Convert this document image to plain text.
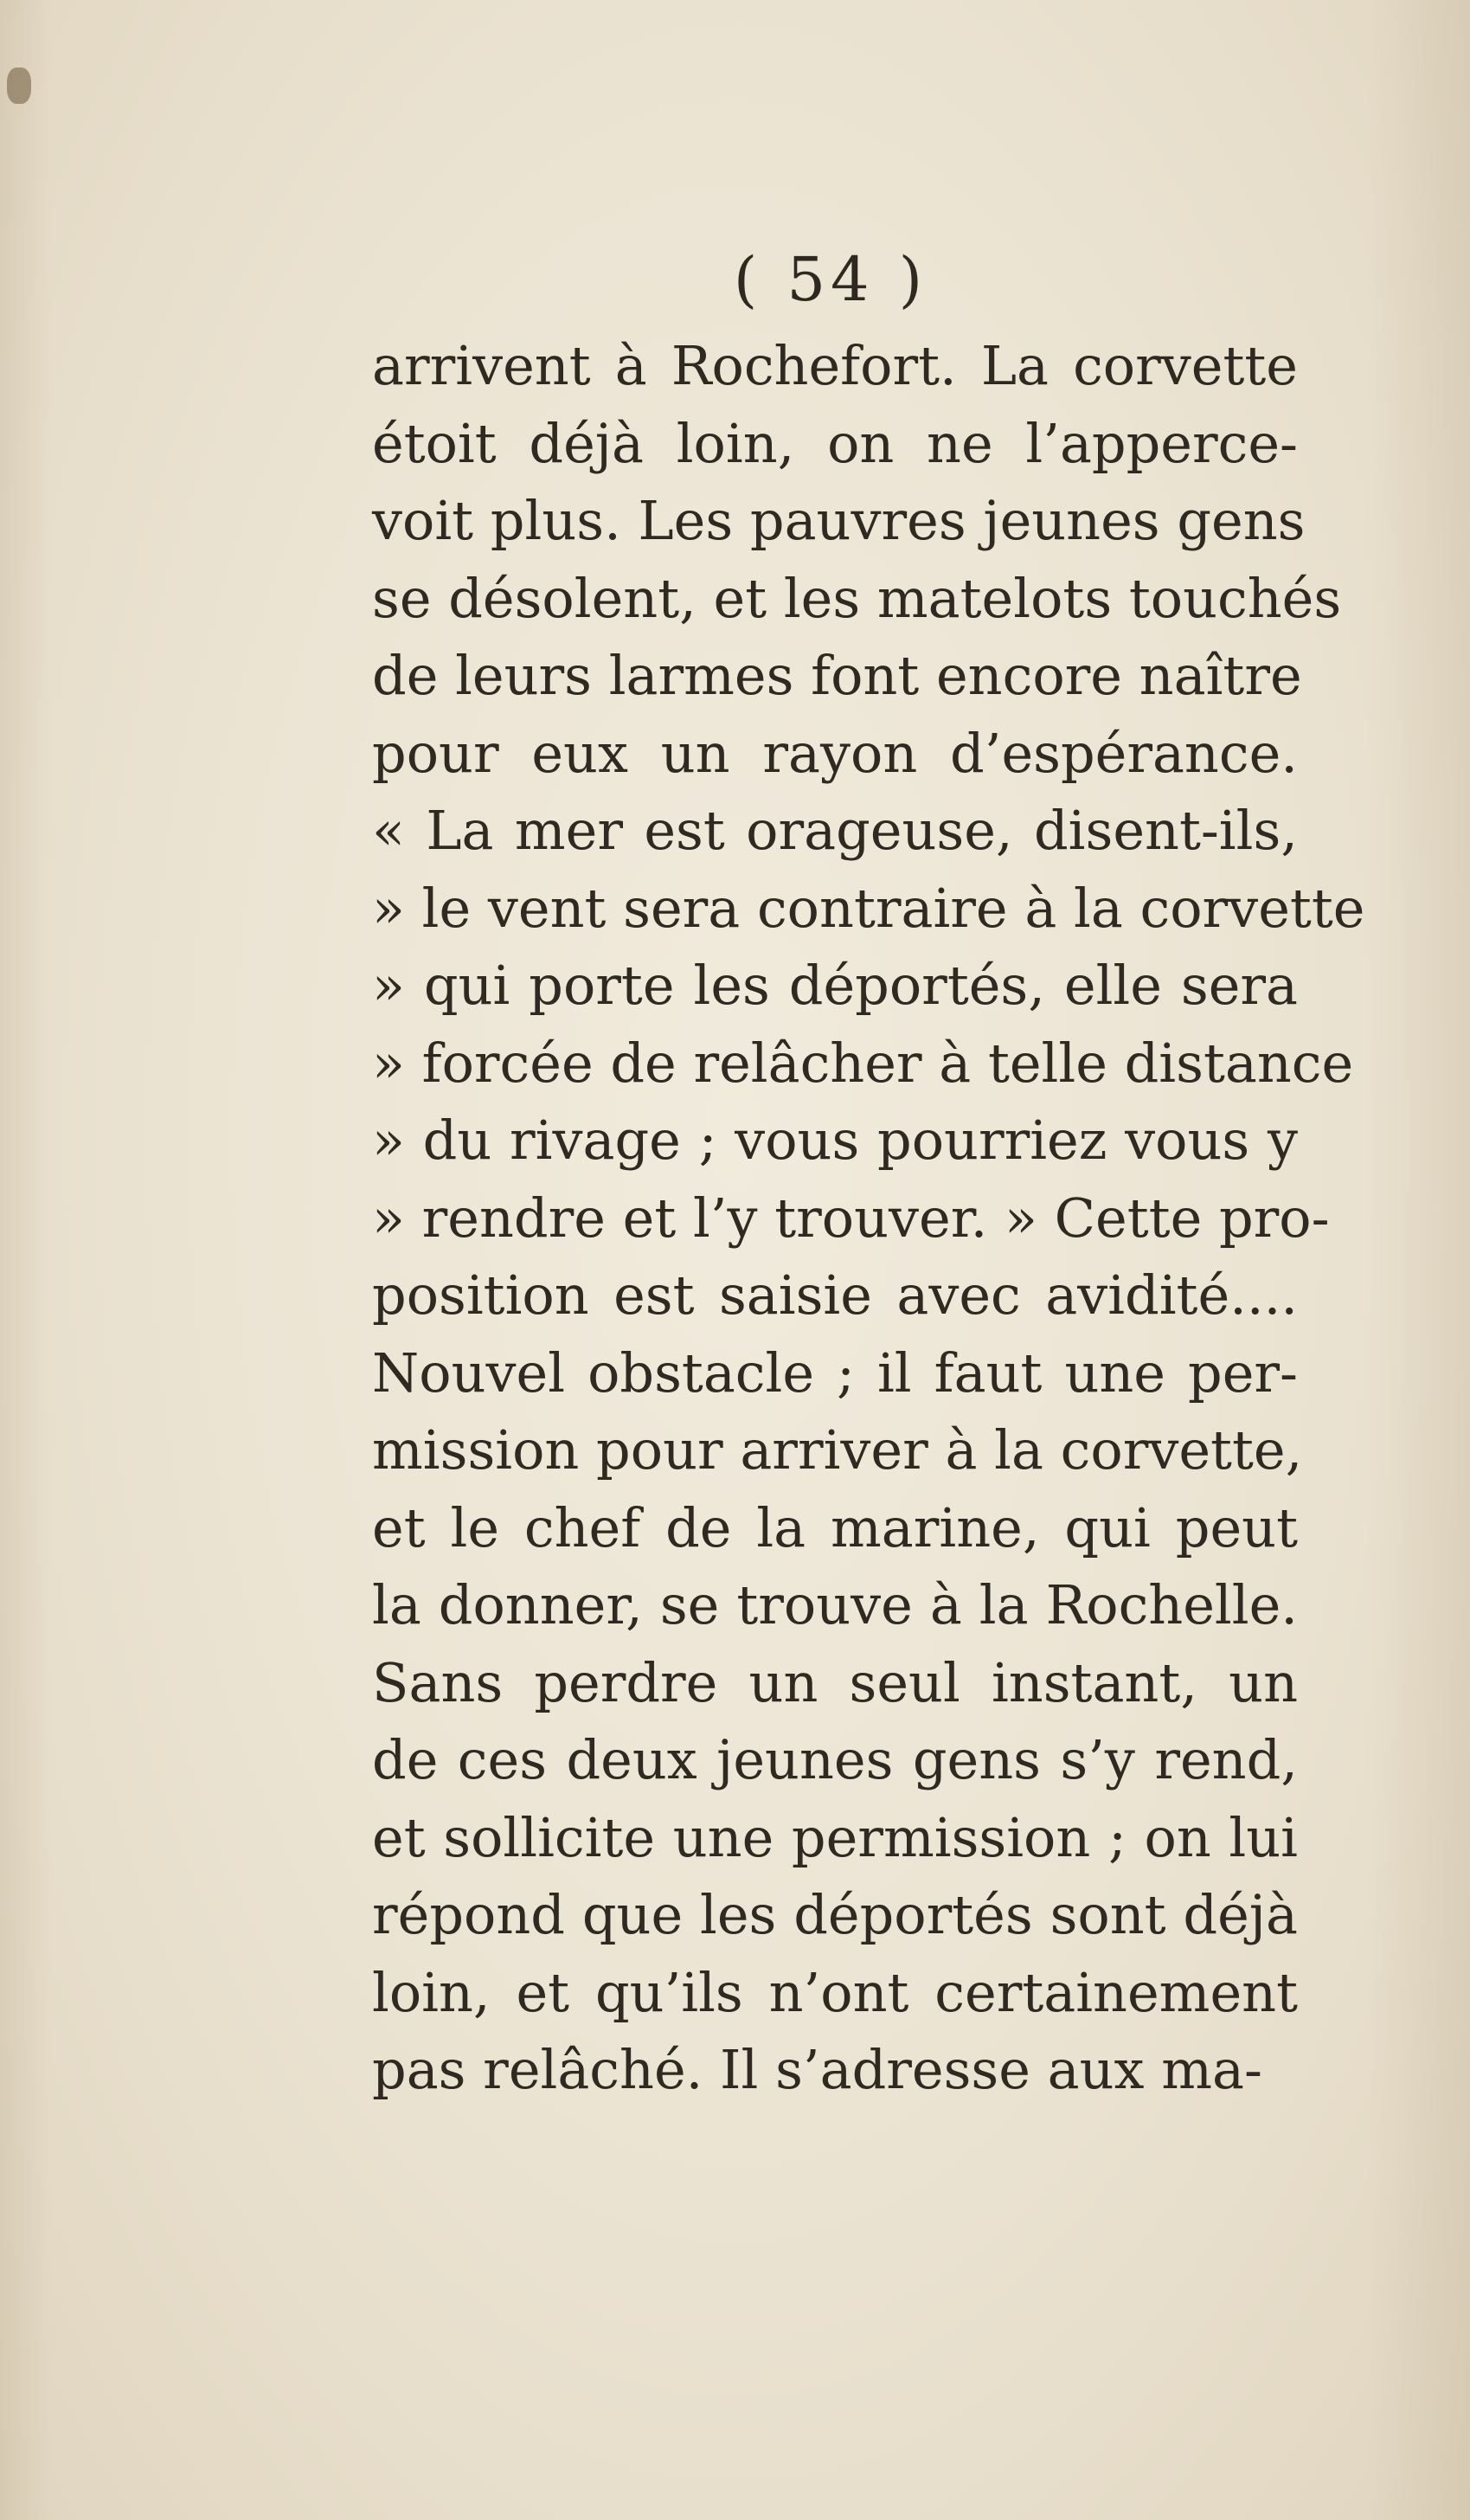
( 54 )
arrivent à Rochefort. La corvette
étoit déjà loin, on ne l’apperce-
voit plus. Les pauvres jeunes gens
se désolent, et les matelots touchés
de leurs larmes font encore naître
pour eux un rayon d’espérance.
« La mer est orageuse, disent-ils,
» le vent sera contraire à la corvette
» qui porte les déportés, elle sera
» forcée de relâcher à telle distance
» du rivage ; vous pourriez vous y
» rendre et l’y trouver. » Cette pro-
position est saisie avec avidité....
Nouvel obstacle ; il faut une per-
mission pour arriver à la corvette,
et le chef de la marine, qui peut
la donner, se trouve à la Rochelle.
Sans perdre un seul instant, un
de ces deux jeunes gens s’y rend,
et sollicite une permission ; on lui
répond que les déportés sont déjà
loin, et qu’ils n’ont certainement
pas relâché. Il s’adresse aux ma-
